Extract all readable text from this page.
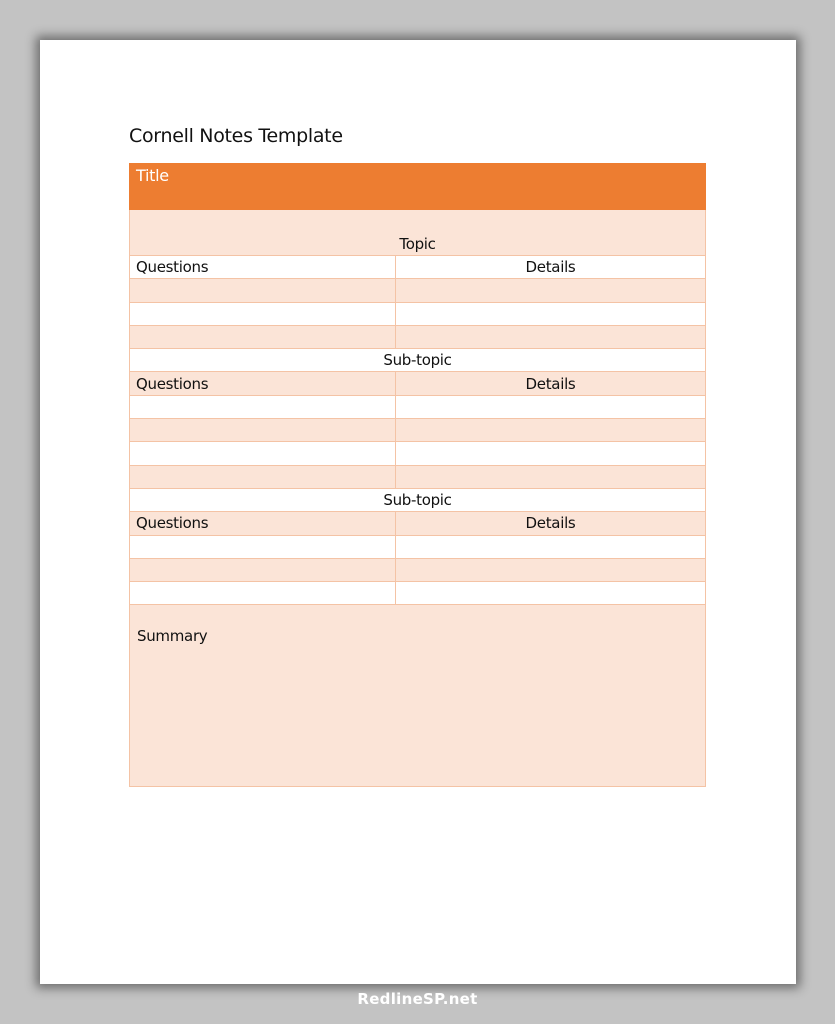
Cornell Notes Template
Title
Topic
Questions	Details
Sub-topic
Questions	Details
Sub-topic
Questions	Details
Summary
RedlineSP.net
